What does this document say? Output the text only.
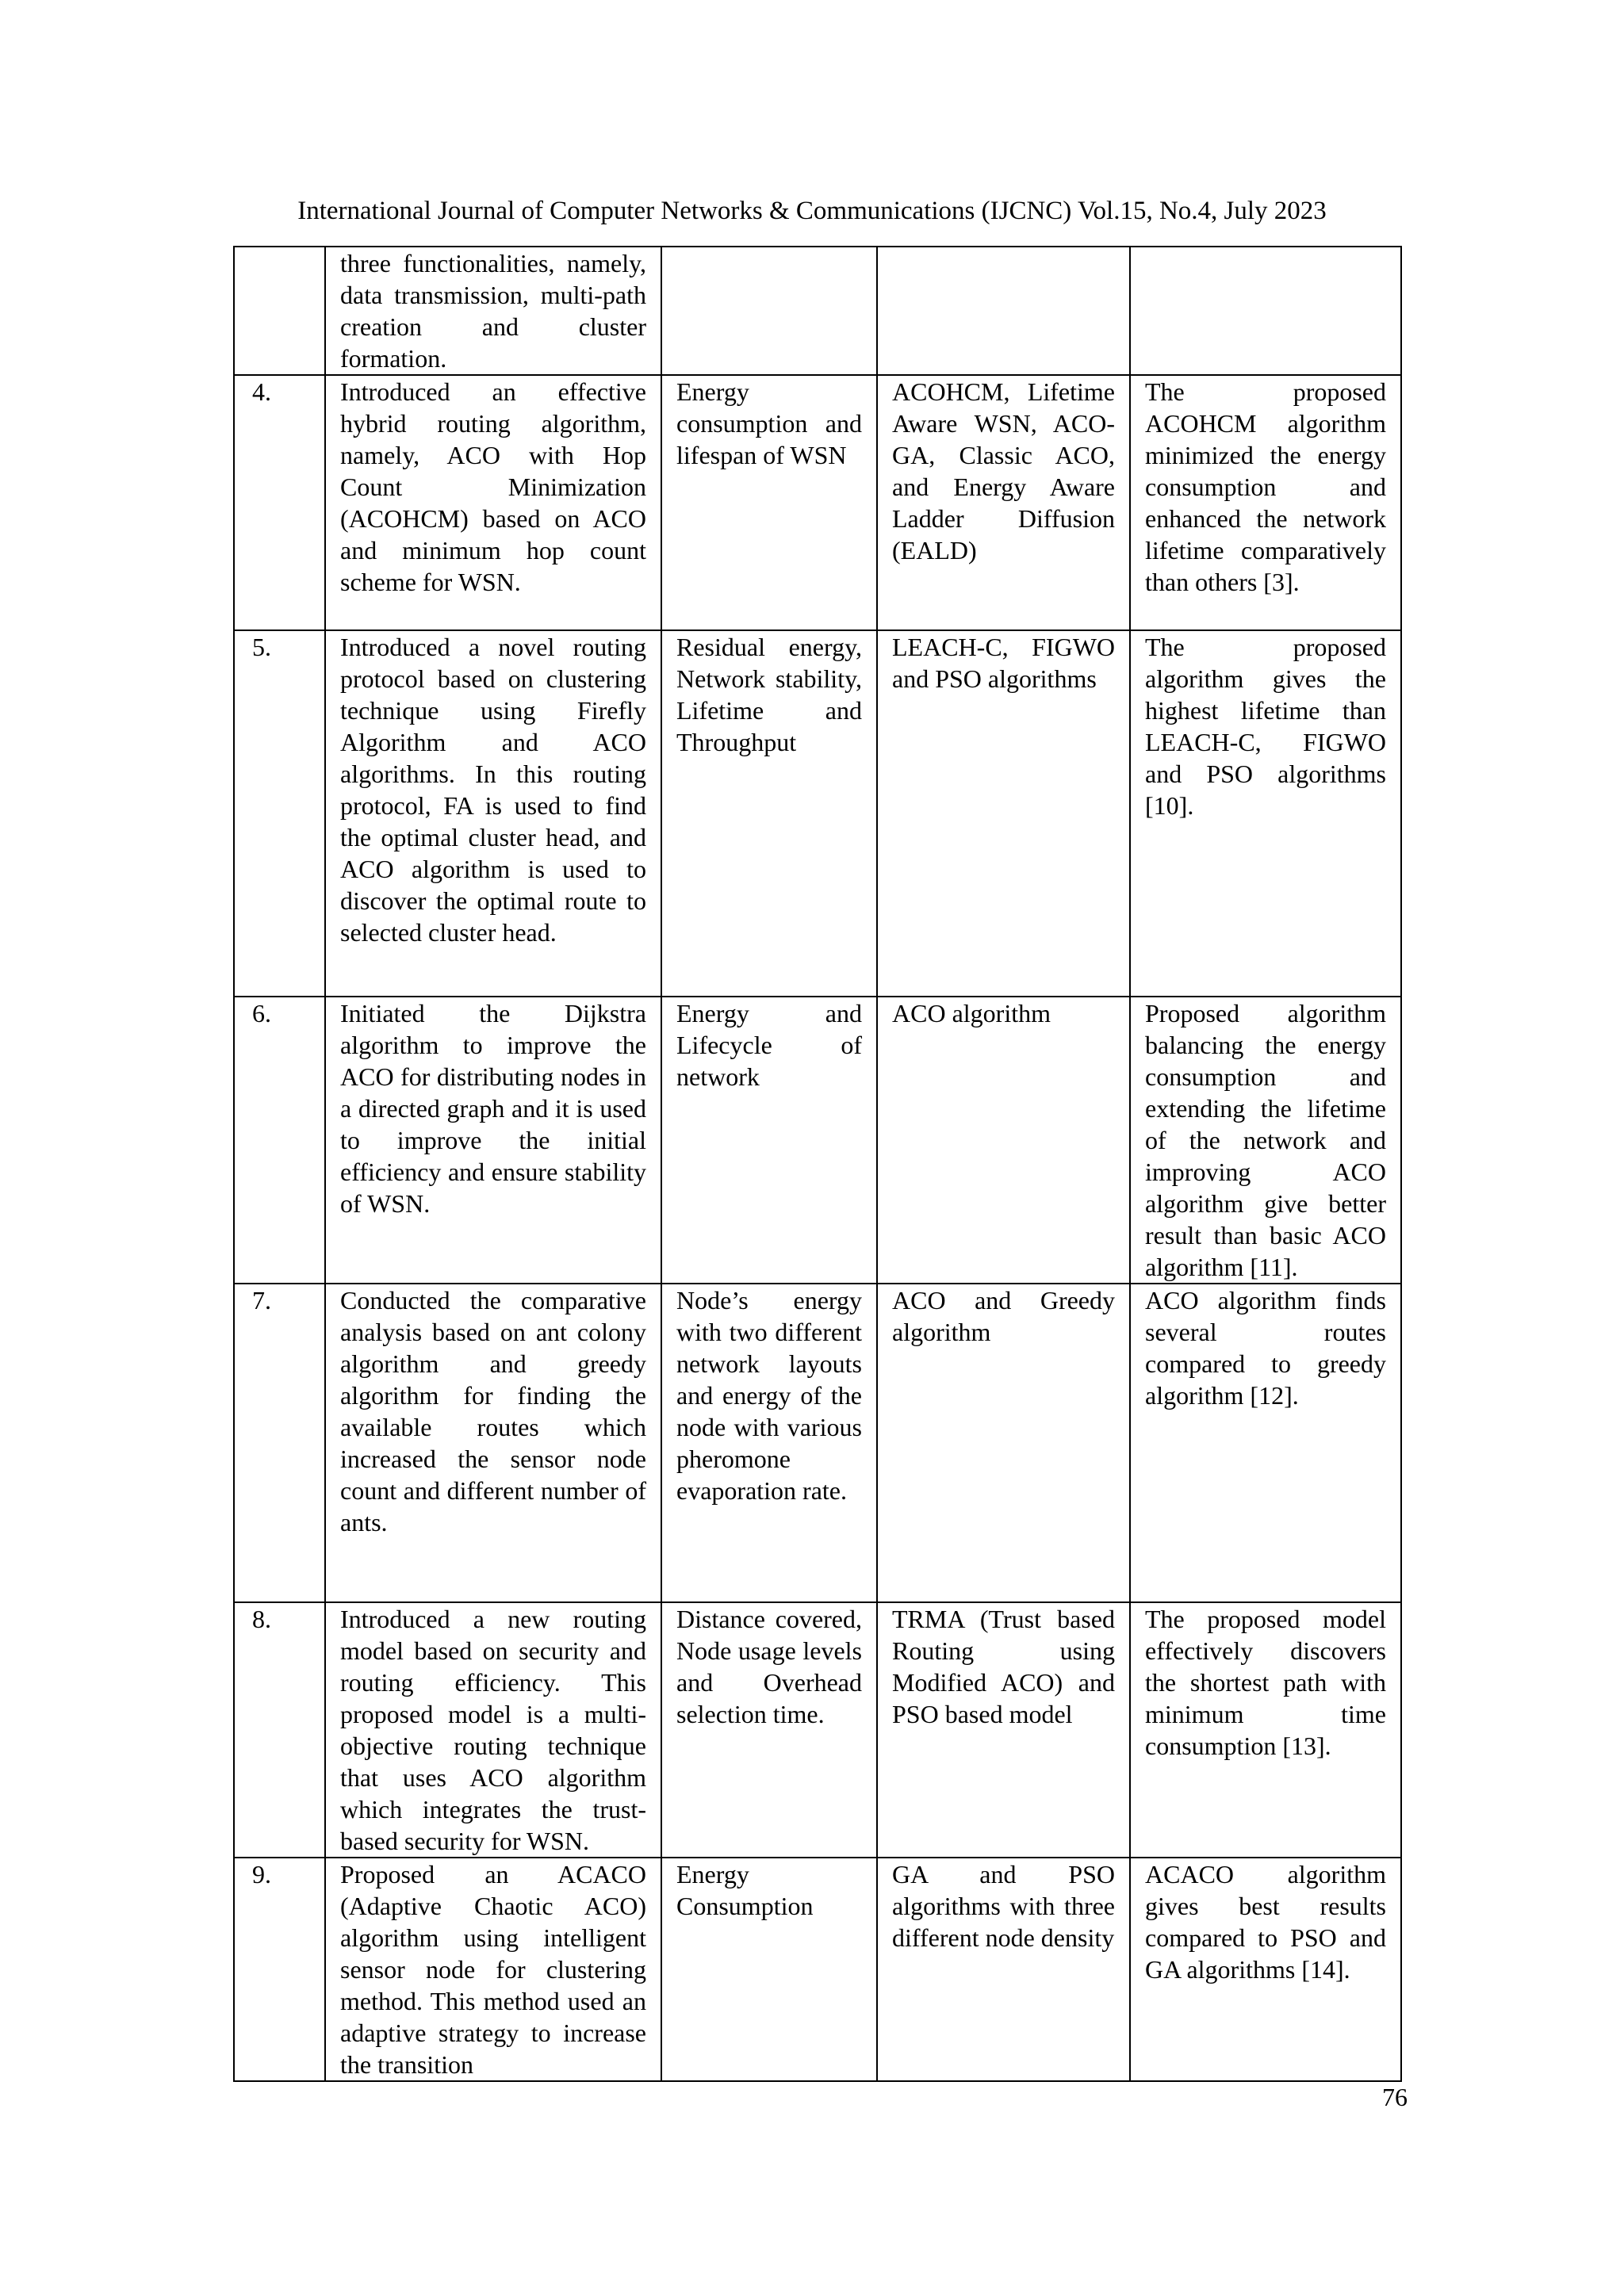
International Journal of Computer Networks & Communications (IJCNC) Vol.15, No.4, July 2023
	three functionalities, namely, data transmission, multi-path creation and cluster formation.			
4.	Introduced an effective hybrid routing algorithm, namely, ACO with Hop Count Minimization (ACOHCM) based on ACO and minimum hop count scheme for WSN.	Energy consumption and lifespan of WSN	ACOHCM, Lifetime Aware WSN, ACO-GA, Classic ACO, and Energy Aware Ladder Diffusion (EALD)	The proposed ACOHCM algorithm minimized the energy consumption and enhanced the network lifetime comparatively than others [3].
5.	Introduced a novel routing protocol based on clustering technique using Firefly Algorithm and ACO algorithms. In this routing protocol, FA is used to find the optimal cluster head, and ACO algorithm is used to discover the optimal route to selected cluster head.	Residual energy, Network stability, Lifetime and Throughput	LEACH-C, FIGWO and PSO algorithms	The proposed algorithm gives the highest lifetime than LEACH-C, FIGWO and PSO algorithms [10].
6.	Initiated the Dijkstra algorithm to improve the ACO for distributing nodes in a directed graph and it is used to improve the initial efficiency and ensure stability of WSN.	Energy and Lifecycle of network	ACO algorithm	Proposed algorithm balancing the energy consumption and extending the lifetime of the network and improving ACO algorithm give better result than basic ACO algorithm [11].
7.	Conducted the comparative analysis based on ant colony algorithm and greedy algorithm for finding the available routes which increased the sensor node count and different number of ants.	Node’s energy with two different network layouts and energy of the node with various pheromone evaporation rate.	ACO and Greedy algorithm	ACO algorithm finds several routes compared to greedy algorithm [12].
8.	Introduced a new routing model based on security and routing efficiency. This proposed model is a multi-objective routing technique that uses ACO algorithm which integrates the trust-based security for WSN.	Distance covered, Node usage levels and Overhead selection time.	TRMA (Trust based Routing using Modified ACO) and PSO based model	The proposed model effectively discovers the shortest path with minimum time consumption [13].
9.	Proposed an ACACO (Adaptive Chaotic ACO) algorithm using intelligent sensor node for clustering method. This method used an adaptive strategy to increase the transition	Energy Consumption	GA and PSO algorithms with three different node density	ACACO algorithm gives best results compared to PSO and GA algorithms [14].
76
